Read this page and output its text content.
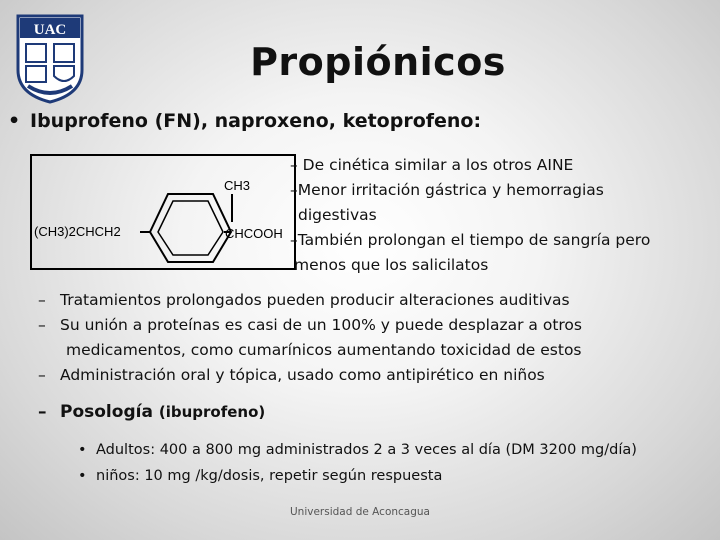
UAC
Propiónicos
• Ibuprofeno (FN), naproxeno, ketoprofeno:
(CH3)2CHCH2
CH3
CHCOOH
– De cinética similar a los otros AINE
–Menor irritación gástrica y hemorragias
digestivas
–También prolongan el tiempo de sangría pero
menos que los salicilatos
– Tratamientos prolongados pueden producir alteraciones auditivas
– Su unión a proteínas es casi de un 100% y puede desplazar a otros
medicamentos, como cumarínicos aumentando toxicidad de estos
– Administración oral y tópica, usado como antipirético en niños
– Posología (ibuprofeno)
• Adultos: 400 a 800 mg administrados 2 a 3 veces al día (DM 3200 mg/día)
• niños: 10 mg /kg/dosis, repetir según respuesta
Universidad de Aconcagua
